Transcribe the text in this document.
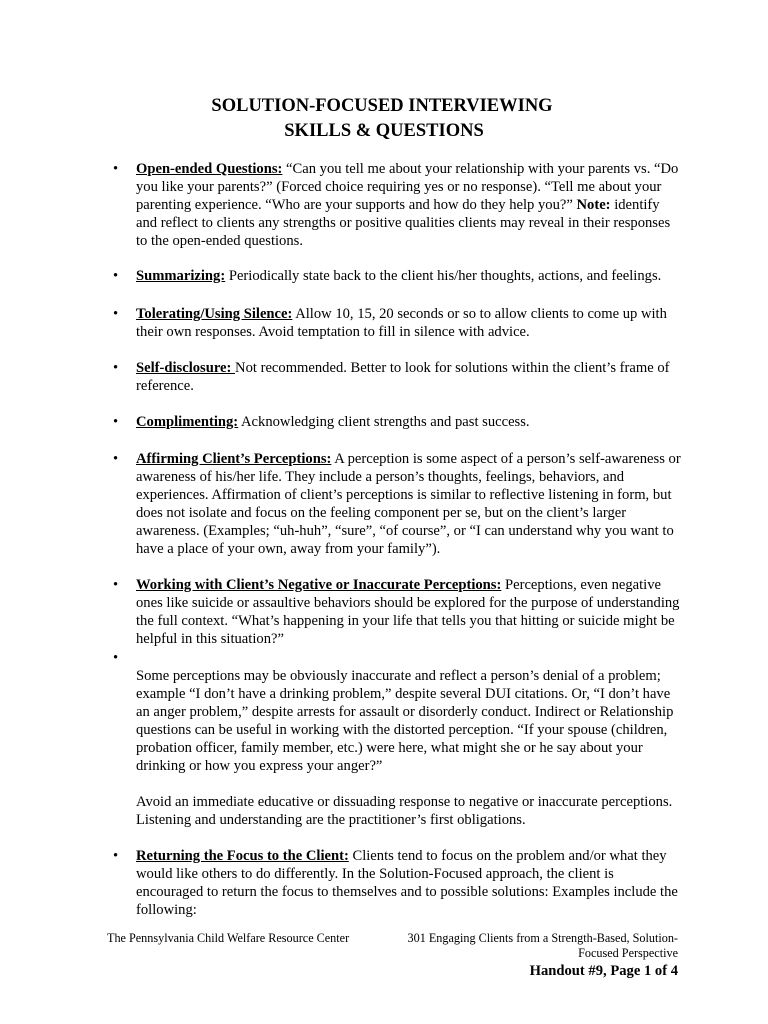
SOLUTION-FOCUSED INTERVIEWING
SKILLS & QUESTIONS
• Open-ended Questions: “Can you tell me about your relationship with your parents vs. “Do you like your parents?” (Forced choice requiring yes or no response). “Tell me about your parenting experience. “Who are your supports and how do they help you?” Note: identify and reflect to clients any strengths or positive qualities clients may reveal in their responses to the open-ended questions.
• Summarizing: Periodically state back to the client his/her thoughts, actions, and feelings.
• Tolerating/Using Silence: Allow 10, 15, 20 seconds or so to allow clients to come up with their own responses. Avoid temptation to fill in silence with advice.
• Self-disclosure: Not recommended. Better to look for solutions within the client’s frame of reference.
• Complimenting: Acknowledging client strengths and past success.
• Affirming Client’s Perceptions: A perception is some aspect of a person’s self-awareness or awareness of his/her life. They include a person’s thoughts, feelings, behaviors, and experiences. Affirmation of client’s perceptions is similar to reflective listening in form, but does not isolate and focus on the feeling component per se, but on the client’s larger awareness. (Examples; “uh-huh”, “sure”, “of course”, or “I can understand why you want to have a place of your own, away from your family”).
• Working with Client’s Negative or Inaccurate Perceptions: Perceptions, even negative ones like suicide or assaultive behaviors should be explored for the purpose of understanding the full context. “What’s happening in your life that tells you that hitting or suicide might be helpful in this situation?”
•
Some perceptions may be obviously inaccurate and reflect a person’s denial of a problem; example “I don’t have a drinking problem,” despite several DUI citations. Or, “I don’t have an anger problem,” despite arrests for assault or disorderly conduct. Indirect or Relationship questions can be useful in working with the distorted perception. “If your spouse (children, probation officer, family member, etc.) were here, what might she or he say about your drinking or how you express your anger?”
Avoid an immediate educative or dissuading response to negative or inaccurate perceptions. Listening and understanding are the practitioner’s first obligations.
• Returning the Focus to the Client: Clients tend to focus on the problem and/or what they would like others to do differently. In the Solution-Focused approach, the client is encouraged to return the focus to themselves and to possible solutions: Examples include the following:
The Pennsylvania Child Welfare Resource Center	301 Engaging Clients from a Strength-Based, Solution-Focused Perspective
Handout #9, Page 1 of 4
